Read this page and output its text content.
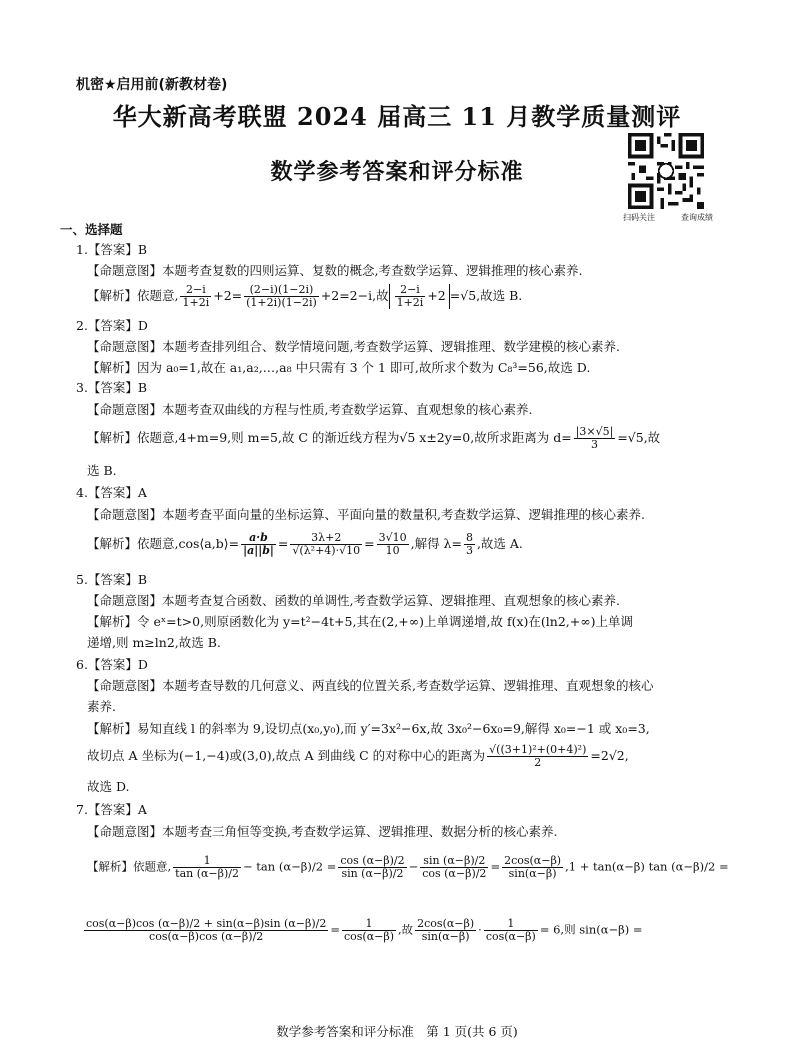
机密★启用前(新教材卷)
华大新高考联盟 2024 届高三 11 月教学质量测评
数学参考答案和评分标准
扫码关注	查询成绩
一、选择题
1.【答案】B
【命题意图】本题考查复数的四则运算、复数的概念,考查数学运算、逻辑推理的核心素养.
【解析】依题意, $\frac{2-i}{1+2i} +2= \frac{(2-i)(1-2i)}{(1+2i)(1-2i)} +2=2-i$,故 $\frac{2-i}{1+2i} +2 =√5$,故选 B.
2.【答案】D
【命题意图】本题考查排列组合、数学情境问题,考查数学运算、逻辑推理、数学建模的核心素养.
【解析】因为 a₀=1,故在 a₁,a₂,…,a₈ 中只需有 3 个 1 即可,故所求个数为 C₈³=56,故选 D.
3.【答案】B
【命题意图】本题考查双曲线的方程与性质,考查数学运算、直观想象的核心素养.
【解析】依题意,4+m=9,则 m=5,故 C 的渐近线方程为√5 x±2y=0,故所求距离为 $d= \frac{|3\times√5|}{3} =√5$,故
选 B.
4.【答案】A
【命题意图】本题考查平面向量的坐标运算、平面向量的数量积,考查数学运算、逻辑推理的核心素养.
【解析】依题意,cos⟨a,b⟩= $\frac{a\cdot b}{|a||b|} = \frac{3\lambda+2}{\text{√(λ²+4)·√10}} = \frac{3√10}{10}$ ,解得 $\lambda= \frac{8}{3}$ ,故选 A.
5.【答案】B
【命题意图】本题考查复合函数、函数的单调性,考查数学运算、逻辑推理、直观想象的核心素养.
【解析】令 eˣ=t>0,则原函数化为 y=t²−4t+5,其在(2,+∞)上单调递增,故 f(x)在(ln2,+∞)上单调
递增,则 m≥ln2,故选 B.
6.【答案】D
【命题意图】本题考查导数的几何意义、两直线的位置关系,考查数学运算、逻辑推理、直观想象的核心
素养.
【解析】易知直线 l 的斜率为 9,设切点(x₀,y₀),而 y′=3x²−6x,故 3x₀²−6x₀=9,解得 x₀=−1 或 x₀=3,
故切点 A 坐标为(−1,−4)或(3,0),故点 A 到曲线 C 的对称中心的距离为 $\frac{\text{√((3+1)²+(0+4)²)}}{2} =2√2$,
故选 D.
7.【答案】A
【命题意图】本题考查三角恒等变换,考查数学运算、逻辑推理、数据分析的核心素养.
【解析】依题意, $\frac{1}{\tan (\alpha-\beta)/2} - \tan (\alpha-\beta)/2 = \frac{\cos (\alpha-\beta)/2}{\sin (\alpha-\beta)/2} - \frac{\sin (\alpha-\beta)/2}{\cos (\alpha-\beta)/2} = \frac{2\cos(\alpha-\beta)}{\sin(\alpha-\beta)} ,1 + \tan(\alpha-\beta)$ tan (α−β)/2 =
$\frac{\cos(\alpha-\beta)\cos (\alpha-\beta)/2 + \sin(\alpha-\beta)\sin (\alpha-\beta)/2}{\cos(\alpha-\beta)\cos (\alpha-\beta)/2} = \frac{1}{\cos(\alpha-\beta)}$ ,故 $\frac{2\cos(\alpha-\beta)}{\sin(\alpha-\beta)} \cdot \frac{1}{\cos(\alpha-\beta)} = 6$,则 sin(α−β) =
数学参考答案和评分标准　第 1 页(共 6 页)
